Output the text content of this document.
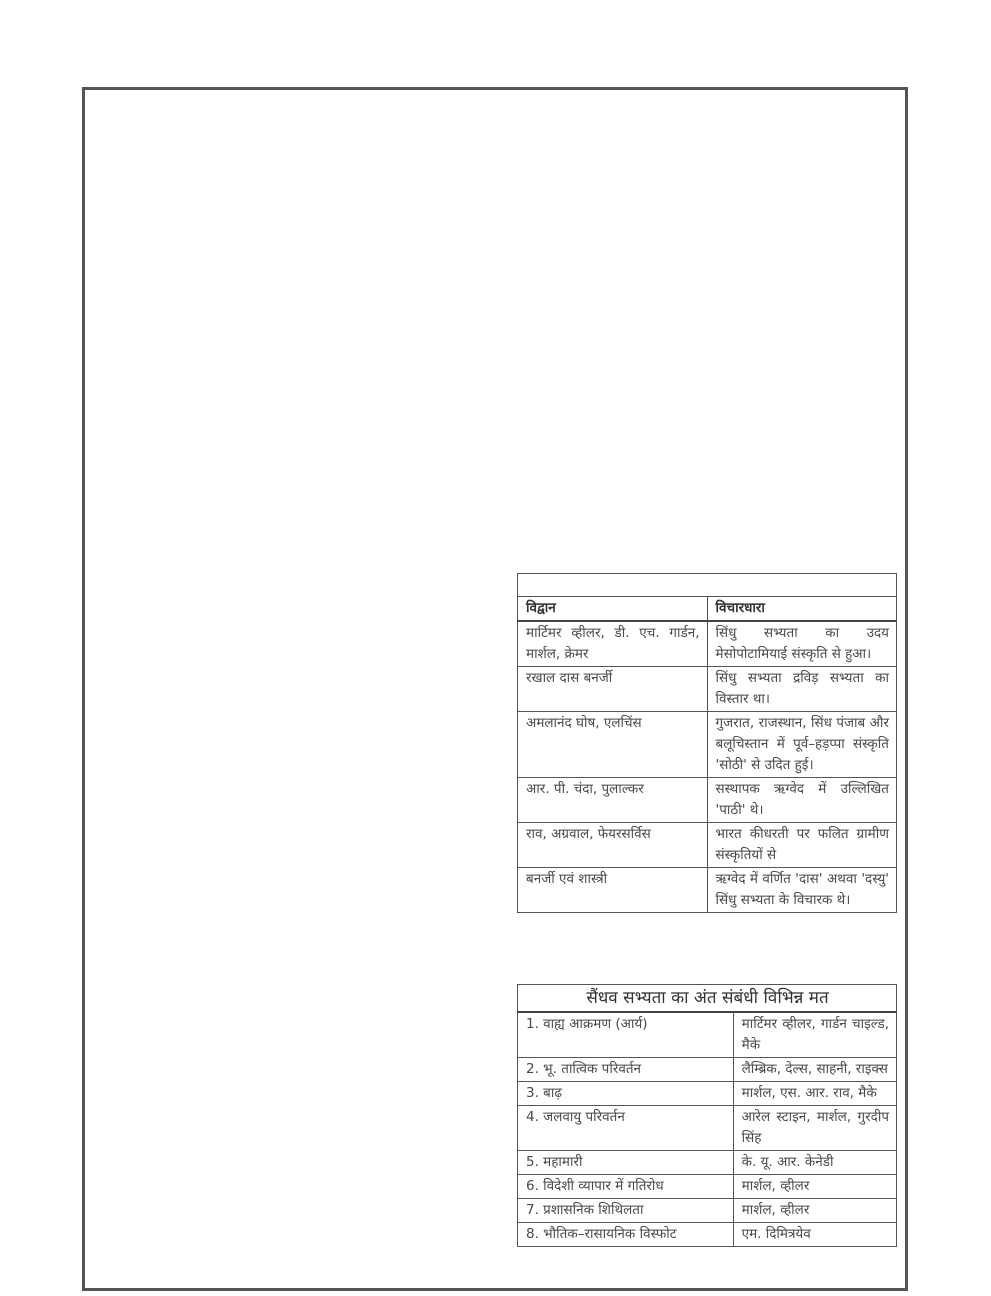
विद्वान	विचारधारा
मार्टिमर व्हीलर, डी. एच. गार्डन, मार्शल, क्रेमर	सिंधु सभ्यता का उदय मेसोपोटामियाई संस्कृति से हुआ।
रखाल दास बनर्जी	सिंधु सभ्यता द्रविड़ सभ्यता का विस्तार था।
अमलानंद घोष, एलचिंस	गुजरात, राजस्थान, सिंध पंजाब और बलूचिस्तान में पूर्व–हड़प्पा संस्कृति 'सोठी' से उदित हुई।
आर. पी. चंदा, पुलाल्कर	सस्थापक ऋग्वेद में उल्लिखित 'पाठी' थे।
राव, अग्रवाल, फेयरसर्विस	भारत कीधरती पर फलित ग्रामीण संस्कृतियों से
बनर्जी एवं शास्त्री	ऋग्वेद में वर्णित 'दास' अथवा 'दस्यु' सिंधु सभ्यता के विचारक थे।
सैंधव सभ्यता का अंत संबंधी विभिन्न मत	
1. वाह्य आक्रमण (आर्य)	मार्टिमर व्हीलर, गार्डन चाइल्ड, मैके
2. भू. तात्विक परिवर्तन	लैम्ब्रिक, देल्स, साहनी, राइक्स
3. बाढ़	मार्शल, एस. आर. राव, मैके
4. जलवायु परिवर्तन	आरेल स्टाइन, मार्शल, गुरदीप सिंह
5. महामारी	के. यू. आर. केनेडी
6. विदेशी व्यापार में गतिरोध	मार्शल, व्हीलर
7. प्रशासनिक शिथिलता	मार्शल, व्हीलर
8. भौतिक–रासायनिक विस्फोट	एम. दिमित्रयेव
